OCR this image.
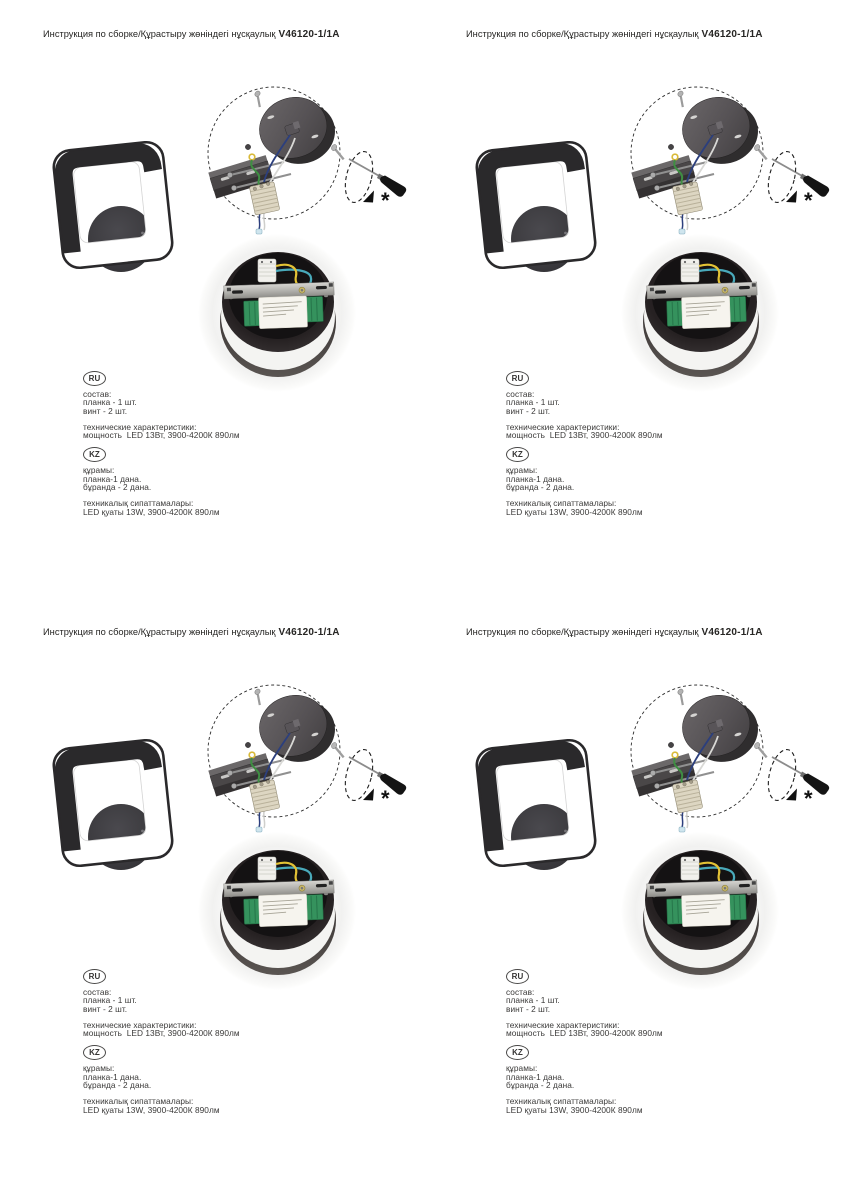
Инструкция по сборке/Құрастыру жөніндегі нұсқаулық V46120-1/1A
*
RU

состав:
планка - 1 шт.
винт - 2 шт.

технические характеристики:
мощность  LED 13Вт, 3900-4200К 890лм

KZ

құрамы:
планка-1 дана.
бұранда - 2 дана.

техникалық сипаттамалары:
LED қуаты 13W, 3900-4200К 890лм

Инструкция по сборке/Құрастыру жөніндегі нұсқаулық V46120-1/1A
*
RU

состав:
планка - 1 шт.
винт - 2 шт.

технические характеристики:
мощность  LED 13Вт, 3900-4200К 890лм

KZ

құрамы:
планка-1 дана.
бұранда - 2 дана.

техникалық сипаттамалары:
LED қуаты 13W, 3900-4200К 890лм

Инструкция по сборке/Құрастыру жөніндегі нұсқаулық V46120-1/1A
*
RU

состав:
планка - 1 шт.
винт - 2 шт.

технические характеристики:
мощность  LED 13Вт, 3900-4200К 890лм

KZ

құрамы:
планка-1 дана.
бұранда - 2 дана.

техникалық сипаттамалары:
LED қуаты 13W, 3900-4200К 890лм

Инструкция по сборке/Құрастыру жөніндегі нұсқаулық V46120-1/1A
*
RU

состав:
планка - 1 шт.
винт - 2 шт.

технические характеристики:
мощность  LED 13Вт, 3900-4200К 890лм

KZ

құрамы:
планка-1 дана.
бұранда - 2 дана.

техникалық сипаттамалары:
LED қуаты 13W, 3900-4200К 890лм
